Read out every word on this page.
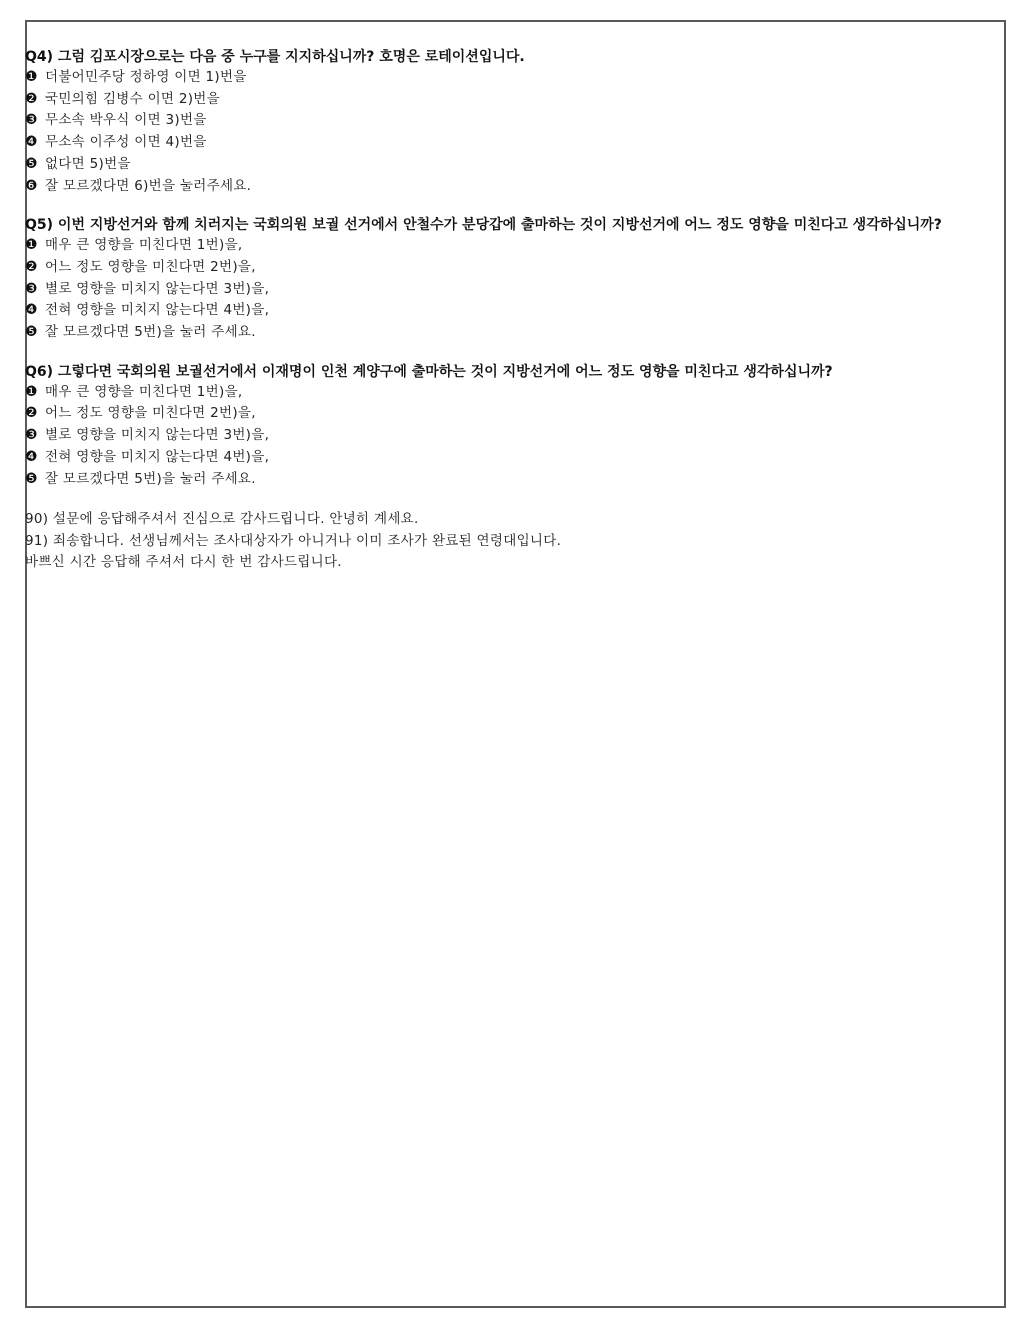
Q4) 그럼 김포시장으로는 다음 중 누구를 지지하십니까? 호명은 로테이션입니다.
❶ 더불어민주당 정하영 이면 1)번을
❷ 국민의힘 김병수 이면 2)번을
❸ 무소속 박우식 이면 3)번을
❹ 무소속 이주성 이면 4)번을
❺ 없다면 5)번을
❻ 잘 모르겠다면 6)번을 눌러주세요.
Q5) 이번 지방선거와 함께 치러지는 국회의원 보궐 선거에서 안철수가 분당갑에 출마하는 것이 지방선거에 어느 정도 영향을 미친다고 생각하십니까?
❶ 매우 큰 영향을 미친다면 1번)을,
❷ 어느 정도 영향을 미친다면 2번)을,
❸ 별로 영향을 미치지 않는다면 3번)을,
❹ 전혀 영향을 미치지 않는다면 4번)을,
❺ 잘 모르겠다면 5번)을 눌러 주세요.
Q6) 그렇다면 국회의원 보궐선거에서 이재명이 인천 계양구에 출마하는 것이 지방선거에 어느 정도 영향을 미친다고 생각하십니까?
❶ 매우 큰 영향을 미친다면 1번)을,
❷ 어느 정도 영향을 미친다면 2번)을,
❸ 별로 영향을 미치지 않는다면 3번)을,
❹ 전혀 영향을 미치지 않는다면 4번)을,
❺ 잘 모르겠다면 5번)을 눌러 주세요.
90) 설문에 응답해주셔서 진심으로 감사드립니다. 안녕히 계세요.
91) 죄송합니다. 선생님께서는 조사대상자가 아니거나 이미 조사가 완료된 연령대입니다.
바쁘신 시간 응답해 주셔서 다시 한 번 감사드립니다.
